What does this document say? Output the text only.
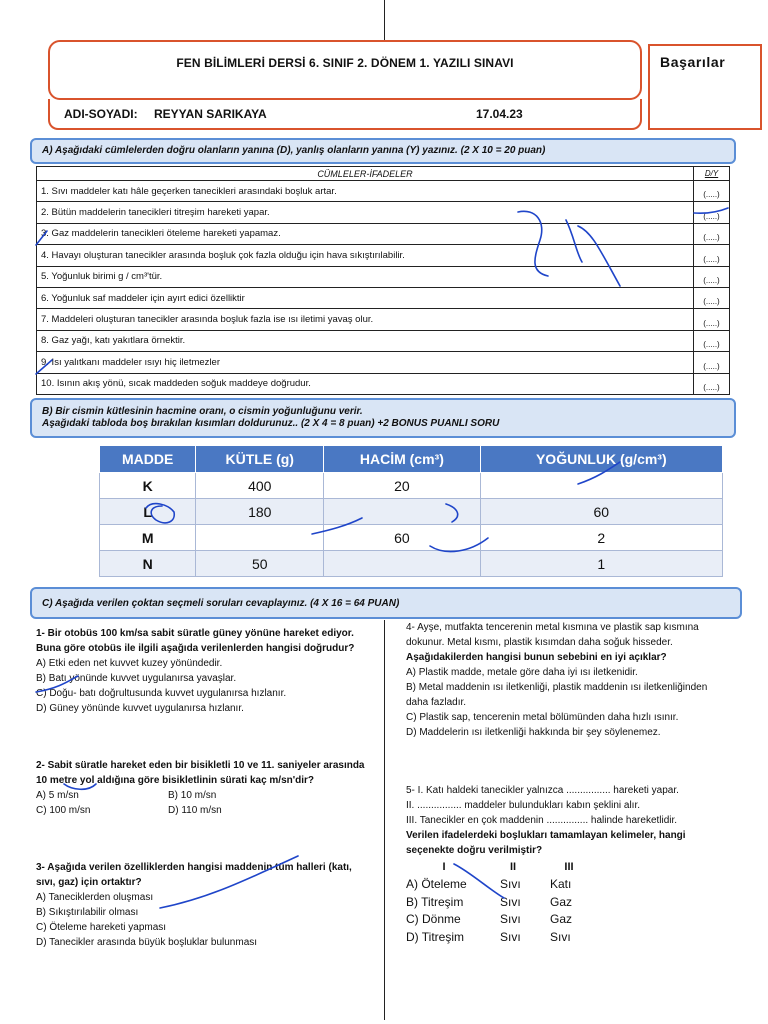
FEN BİLİMLERİ DERSİ 6. SINIF 2. DÖNEM 1. YAZILI SINAVI
ADI-SOYADI: REYYAN SARIKAYA	17.04.23
Başarılar
A) Aşağıdaki cümlelerden doğru olanların yanına (D), yanlış olanların yanına (Y) yazınız. (2 X 10 = 20 puan)
CÜMLELER-İFADELER	D/Y
1. Sıvı maddeler katı hâle geçerken tanecikleri arasındaki boşluk artar.	(.....)
2. Bütün maddelerin tanecikleri titreşim hareketi yapar.	(.....)
3. Gaz maddelerin tanecikleri öteleme hareketi yapamaz.	(.....)
4. Havayı oluşturan tanecikler arasında boşluk çok fazla olduğu için hava sıkıştırılabilir.	(.....)
5. Yoğunluk birimi g / cm³'tür.	(.....)
6. Yoğunluk saf maddeler için ayırt edici özelliktir	(.....)
7. Maddeleri oluşturan tanecikler arasında boşluk fazla ise ısı iletimi yavaş olur.	(.....)
8. Gaz yağı, katı yakıtlara örnektir.	(.....)
9. Isı yalıtkanı maddeler ısıyı hiç iletmezler	(.....)
10. Isının akış yönü, sıcak maddeden soğuk maddeye doğrudur.	(.....)
B) Bir cismin kütlesinin hacmine oranı, o cismin yoğunluğunu verir.
Aşağıdaki tabloda boş bırakılan kısımları doldurunuz.. (2 X 4 = 8 puan) +2 BONUS PUANLI SORU
MADDE	KÜTLE (g)	HACİM (cm³)	YOĞUNLUK (g/cm³)
K	400	20	
L	180		60
M		60	2
N	50		1
C) Aşağıda verilen çoktan seçmeli soruları cevaplayınız. (4 X 16 = 64 PUAN)
1- Bir otobüs 100 km/sa sabit süratle güney yönüne hareket ediyor. Buna göre otobüs ile ilgili aşağıda verilenlerden hangisi doğrudur?
A) Etki eden net kuvvet kuzey yönündedir.
B) Batı yönünde kuvvet uygulanırsa yavaşlar.
C) Doğu- batı doğrultusunda kuvvet uygulanırsa hızlanır.
D) Güney yönünde kuvvet uygulanırsa hızlanır.
2- Sabit süratle hareket eden bir bisikletli 10 ve 11. saniyeler arasında 10 metre yol aldığına göre bisikletlinin sürati kaç m/sn'dir?
A) 5 m/sn	B) 10 m/sn
C) 100 m/sn	D) 110 m/sn
3- Aşağıda verilen özelliklerden hangisi maddenin tüm halleri (katı, sıvı, gaz) için ortaktır?
A) Taneciklerden oluşması
B) Sıkıştırılabilir olması
C) Öteleme hareketi yapması
D) Tanecikler arasında büyük boşluklar bulunması
4- Ayşe, mutfakta tencerenin metal kısmına ve plastik sap kısmına dokunur. Metal kısmı, plastik kısımdan daha soğuk hisseder.
Aşağıdakilerden hangisi bunun sebebini en iyi açıklar?
A) Plastik madde, metale göre daha iyi ısı iletkenidir.
B) Metal maddenin ısı iletkenliği, plastik maddenin ısı iletkenliğinden daha fazladır.
C) Plastik sap, tencerenin metal bölümünden daha hızlı ısınır.
D) Maddelerin ısı iletkenliği hakkında bir şey söylenemez.
5- I. Katı haldeki tanecikler yalnızca ................ hareketi yapar.
II. ................ maddeler bulundukları kabın şeklini alır.
III. Tanecikler en çok maddenin ............... halinde hareketlidir.
Verilen ifadelerdeki boşlukları tamamlayan kelimeler, hangi seçenekte doğru verilmiştir?
I	II	III
A) Öteleme	Sıvı	Katı
B) Titreşim	Sıvı	Gaz
C) Dönme	Sıvı	Gaz
D) Titreşim	Sıvı	Sıvı
